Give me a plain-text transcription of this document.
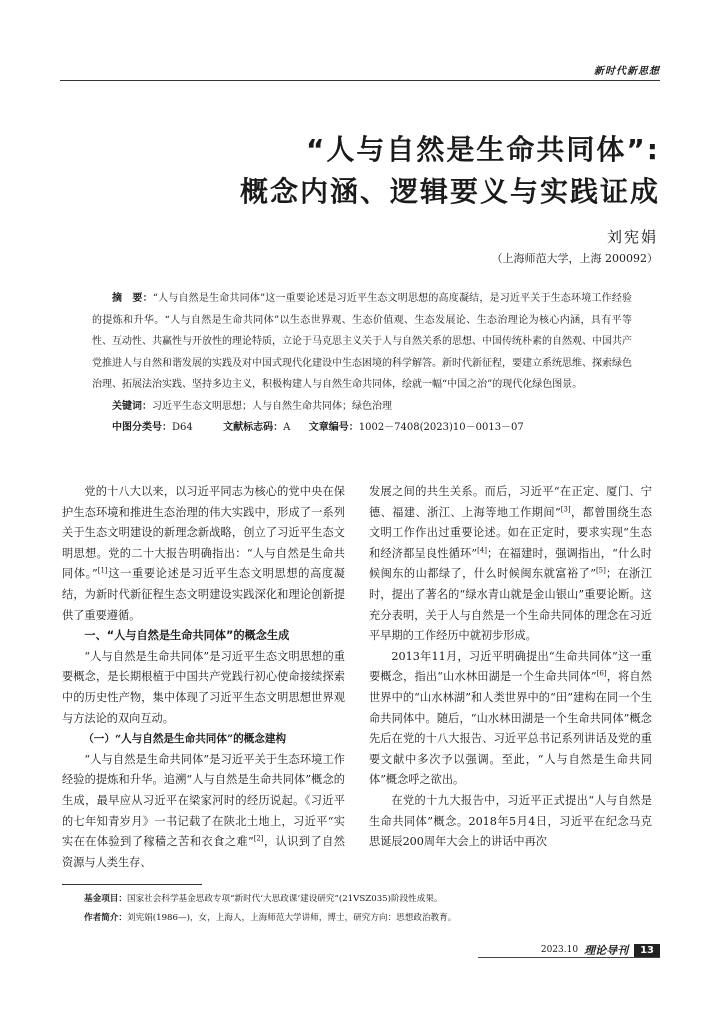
新时代新思想
“人与自然是生命共同体”:
概念内涵、逻辑要义与实践证成
刘宪娟
（上海师范大学，上海 200092）
摘　要：“人与自然是生命共同体”这一重要论述是习近平生态文明思想的高度凝结，是习近平关于生态环境工作经验的提炼和升华。“人与自然是生命共同体”以生态世界观、生态价值观、生态发展论、生态治理论为核心内涵，具有平等性、互动性、共赢性与开放性的理论特质，立论于马克思主义关于人与自然关系的思想、中国传统朴素的自然观、中国共产党推进人与自然和谐发展的实践及对中国式现代化建设中生态困境的科学解答。新时代新征程，要建立系统思维、探索绿色治理、拓展法治实践、坚持多边主义，积极构建人与自然生命共同体，绘就一幅“中国之治”的现代化绿色图景。
关键词：习近平生态文明思想；人与自然生命共同体；绿色治理
中图分类号：D64	文献标志码：A 文章编号：1002－7408(2023)10－0013－07

党的十八大以来，以习近平同志为核心的党中央在保护生态环境和推进生态治理的伟大实践中，形成了一系列关于生态文明建设的新理念新战略，创立了习近平生态文明思想。党的二十大报告明确指出：“人与自然是生命共同体。”[1]这一重要论述是习近平生态文明思想的高度凝结，为新时代新征程生态文明建设实践深化和理论创新提供了重要遵循。

一、“人与自然是生命共同体”的概念生成

“人与自然是生命共同体”是习近平生态文明思想的重要概念，是长期根植于中国共产党践行初心使命接续探索中的历史性产物，集中体现了习近平生态文明思想世界观与方法论的双向互动。

（一）“人与自然是生命共同体”的概念建构

“人与自然是生命共同体”是习近平关于生态环境工作经验的提炼和升华。追溯“人与自然是生命共同体”概念的生成，最早应从习近平在梁家河时的经历说起。《习近平的七年知青岁月》一书记载了在陕北土地上，习近平“实实在在体验到了稼穑之苦和衣食之难”[2]，认识到了自然资源与人类生存、

发展之间的共生关系。而后，习近平“在正定、厦门、宁德、福建、浙江、上海等地工作期间”[3]，都曾围绕生态文明工作作出过重要论述。如在正定时，要求实现“生态和经济都呈良性循环”[4]；在福建时，强调指出，“什么时候闽东的山都绿了，什么时候闽东就富裕了”[5]；在浙江时，提出了著名的“绿水青山就是金山银山”重要论断。这充分表明，关于人与自然是一个生命共同体的理念在习近平早期的工作经历中就初步形成。

2013年11月，习近平明确提出“生命共同体”这一重要概念，指出“山水林田湖是一个生命共同体”[6]，将自然世界中的“山水林湖”和人类世界中的“田”建构在同一个生命共同体中。随后，“山水林田湖是一个生命共同体”概念先后在党的十八大报告、习近平总书记系列讲话及党的重要文献中多次予以强调。至此，“人与自然是生命共同体”概念呼之欲出。

在党的十九大报告中，习近平正式提出“人与自然是生命共同体”概念。2018年5月4日，习近平在纪念马克思诞辰200周年大会上的讲话中再次

基金项目：国家社会科学基金思政专项“新时代‘大思政课’建设研究”(21VSZ035)阶段性成果。
作者简介：刘宪娟(1986—)，女，上海人，上海师范大学讲师，博士，研究方向：思想政治教育。
2023.10 理论导刊	13
